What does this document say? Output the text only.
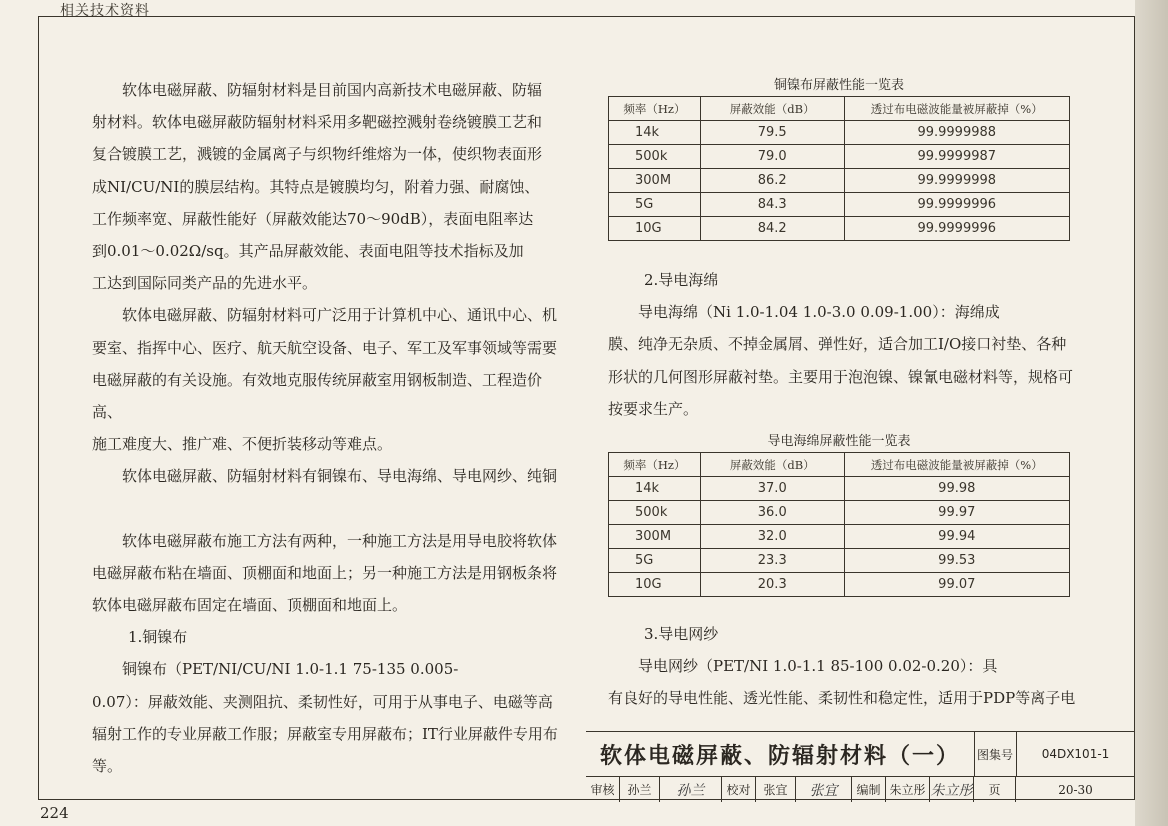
相关技术资料

软体电磁屏蔽、防辐射材料是目前国内高新技术电磁屏蔽、防辐
射材料。软体电磁屏蔽防辐射材料采用多靶磁控溅射卷绕镀膜工艺和
复合镀膜工艺，溅镀的金属离子与织物纤维熔为一体，使织物表面形
成NI/CU/NI的膜层结构。其特点是镀膜均匀，附着力强、耐腐蚀、
工作频率宽、屏蔽性能好（屏蔽效能达70～90dB），表面电阻率达
到0.01～0.02Ω/sq。其产品屏蔽效能、表面电阻等技术指标及加
工达到国际同类产品的先进水平。

软体电磁屏蔽、防辐射材料可广泛用于计算机中心、通讯中心、机
要室、指挥中心、医疗、航天航空设备、电子、军工及军事领域等需要
电磁屏蔽的有关设施。有效地克服传统屏蔽室用钢板制造、工程造价高、
施工难度大、推广难、不便折装移动等难点。

软体电磁屏蔽、防辐射材料有铜镍布、导电海绵、导电网纱、纯铜

软体电磁屏蔽布施工方法有两种，一种施工方法是用导电胶将软体
电磁屏蔽布粘在墙面、顶棚面和地面上；另一种施工方法是用钢板条将
软体电磁屏蔽布固定在墙面、顶棚面和地面上。

1.铜镍布

铜镍布（PET/NI/CU/NI 1.0-1.1 75-135 0.005-
0.07）：屏蔽效能、夹测阻抗、柔韧性好，可用于从事电子、电磁等高
辐射工作的专业屏蔽工作服；屏蔽室专用屏蔽布；IT行业屏蔽件专用布等。

铜镍布屏蔽性能一览表
频率（Hz）	屏蔽效能（dB）	透过布电磁波能量被屏蔽掉（%）
14k	79.5	99.9999988
500k	79.0	99.9999987
300M	86.2	99.9999998
5G	84.3	99.9999996
10G	84.2	99.9999996

2.导电海绵

导电海绵（Ni 1.0-1.04 1.0-3.0 0.09-1.00）：海绵成
膜、纯净无杂质、不掉金属屑、弹性好，适合加工I/O接口衬垫、各种
形状的几何图形屏蔽衬垫。主要用于泡泡镍、镍氰电磁材料等，规格可
按要求生产。

导电海绵屏蔽性能一览表
频率（Hz）	屏蔽效能（dB）	透过布电磁波能量被屏蔽掉（%）
14k	37.0	99.98
500k	36.0	99.97
300M	32.0	99.94
5G	23.3	99.53
10G	20.3	99.07

3.导电网纱

导电网纱（PET/NI 1.0-1.1 85-100 0.02-0.20）：具
有良好的导电性能、透光性能、柔韧性和稳定性，适用于PDP等离子电

软体电磁屏蔽、防辐射材料（一）	图集号	04DX101-1
审核	孙兰	孙兰	校对	张宜	张宜	编制 朱立彤 朱立彤	页	20-30
224
